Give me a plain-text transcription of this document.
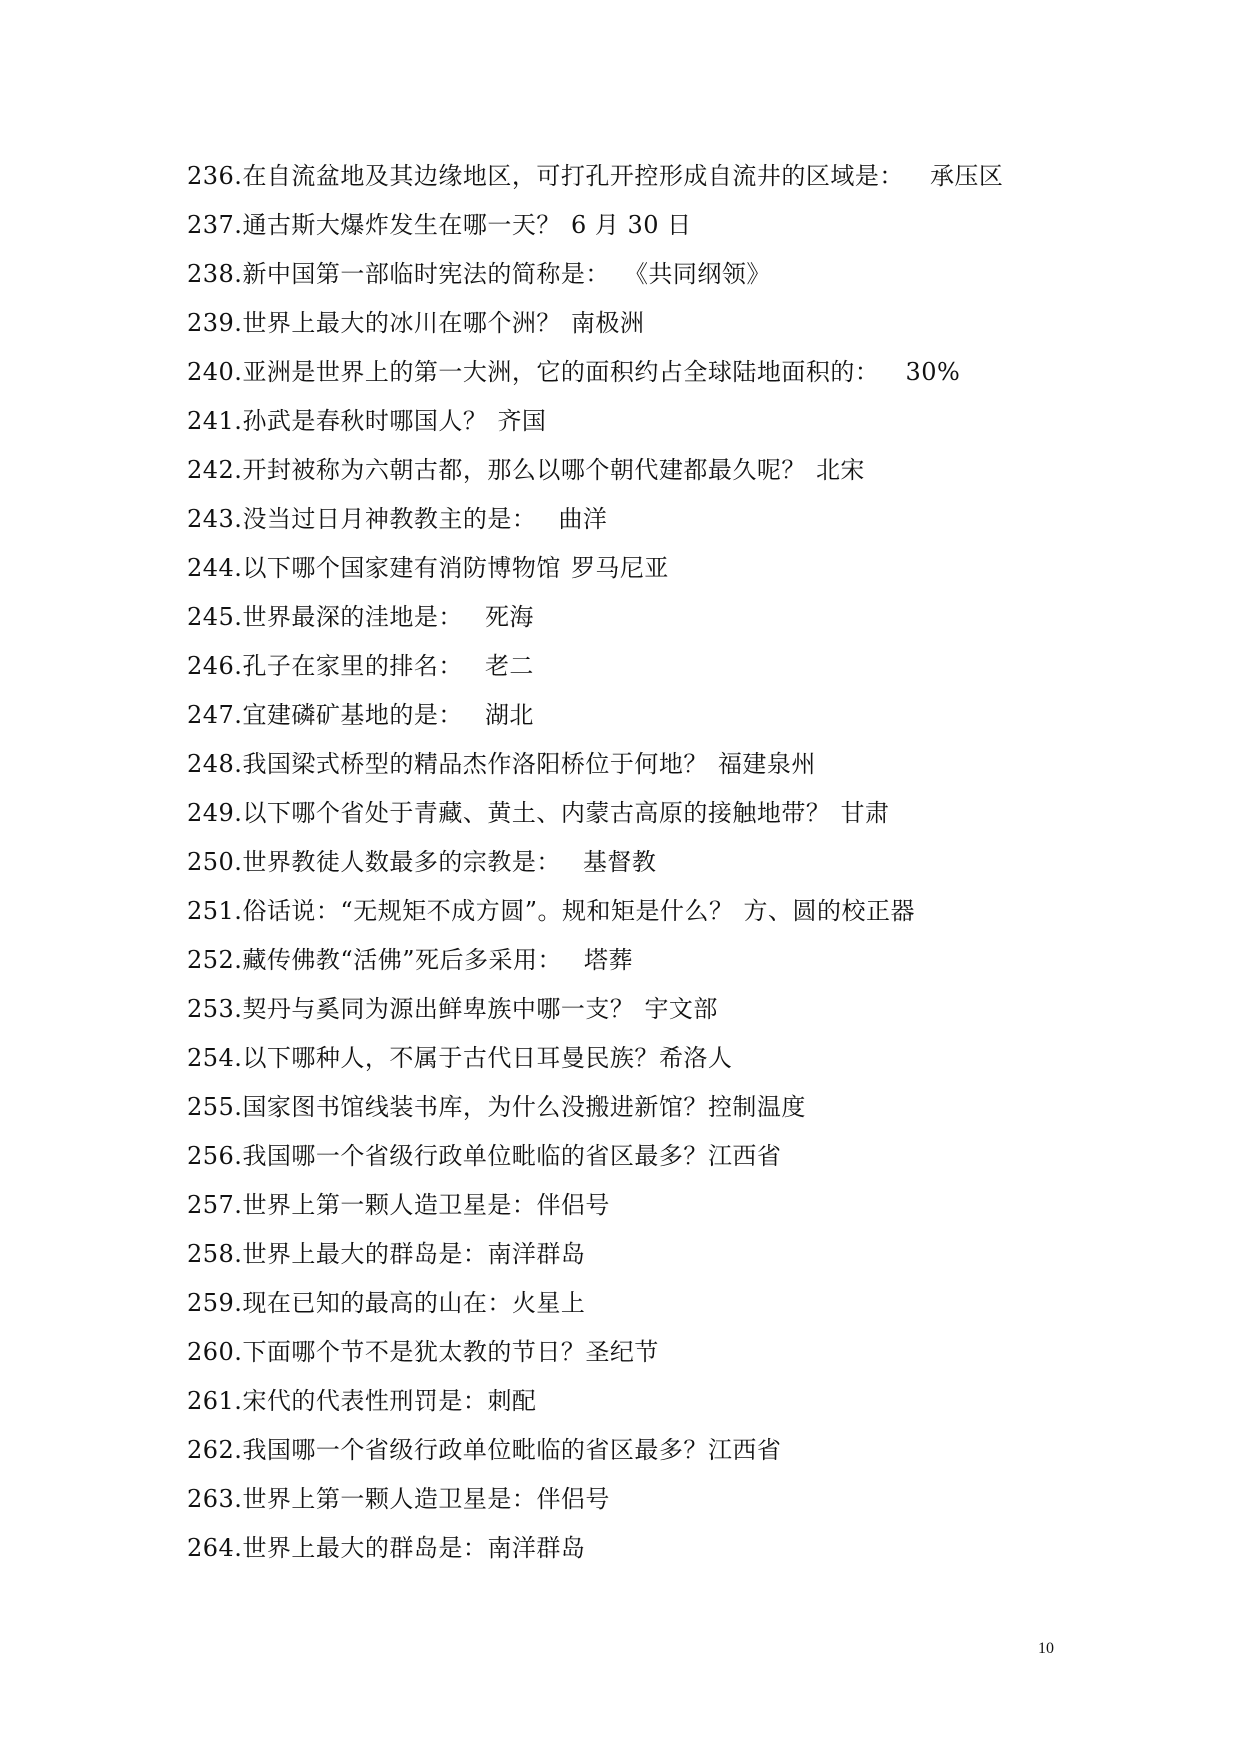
236.在自流盆地及其边缘地区，可打孔开控形成自流井的区域是： 承压区
237.通古斯大爆炸发生在哪一天？ 6 月 30 日
238.新中国第一部临时宪法的简称是： 《共同纲领》
239.世界上最大的冰川在哪个洲？ 南极洲
240.亚洲是世界上的第一大洲，它的面积约占全球陆地面积的： 30%
241.孙武是春秋时哪国人？ 齐国
242.开封被称为六朝古都，那么以哪个朝代建都最久呢？ 北宋
243.没当过日月神教教主的是： 曲洋
244.以下哪个国家建有消防博物馆 罗马尼亚
245.世界最深的洼地是： 死海
246.孔子在家里的排名： 老二
247.宜建磷矿基地的是： 湖北
248.我国梁式桥型的精品杰作洛阳桥位于何地？ 福建泉州
249.以下哪个省处于青藏、黄土、内蒙古高原的接触地带？ 甘肃
250.世界教徒人数最多的宗教是： 基督教
251.俗话说：“无规矩不成方圆”。规和矩是什么？ 方、圆的校正器
252.藏传佛教“活佛”死后多采用： 塔葬
253.契丹与奚同为源出鲜卑族中哪一支？ 宇文部
254.以下哪种人，不属于古代日耳曼民族？希洛人
255.国家图书馆线装书库，为什么没搬进新馆？控制温度
256.我国哪一个省级行政单位毗临的省区最多？江西省
257.世界上第一颗人造卫星是：伴侣号
258.世界上最大的群岛是：南洋群岛
259.现在已知的最高的山在：火星上
260.下面哪个节不是犹太教的节日？圣纪节
261.宋代的代表性刑罚是：刺配
262.我国哪一个省级行政单位毗临的省区最多？江西省
263.世界上第一颗人造卫星是：伴侣号
264.世界上最大的群岛是：南洋群岛
10
